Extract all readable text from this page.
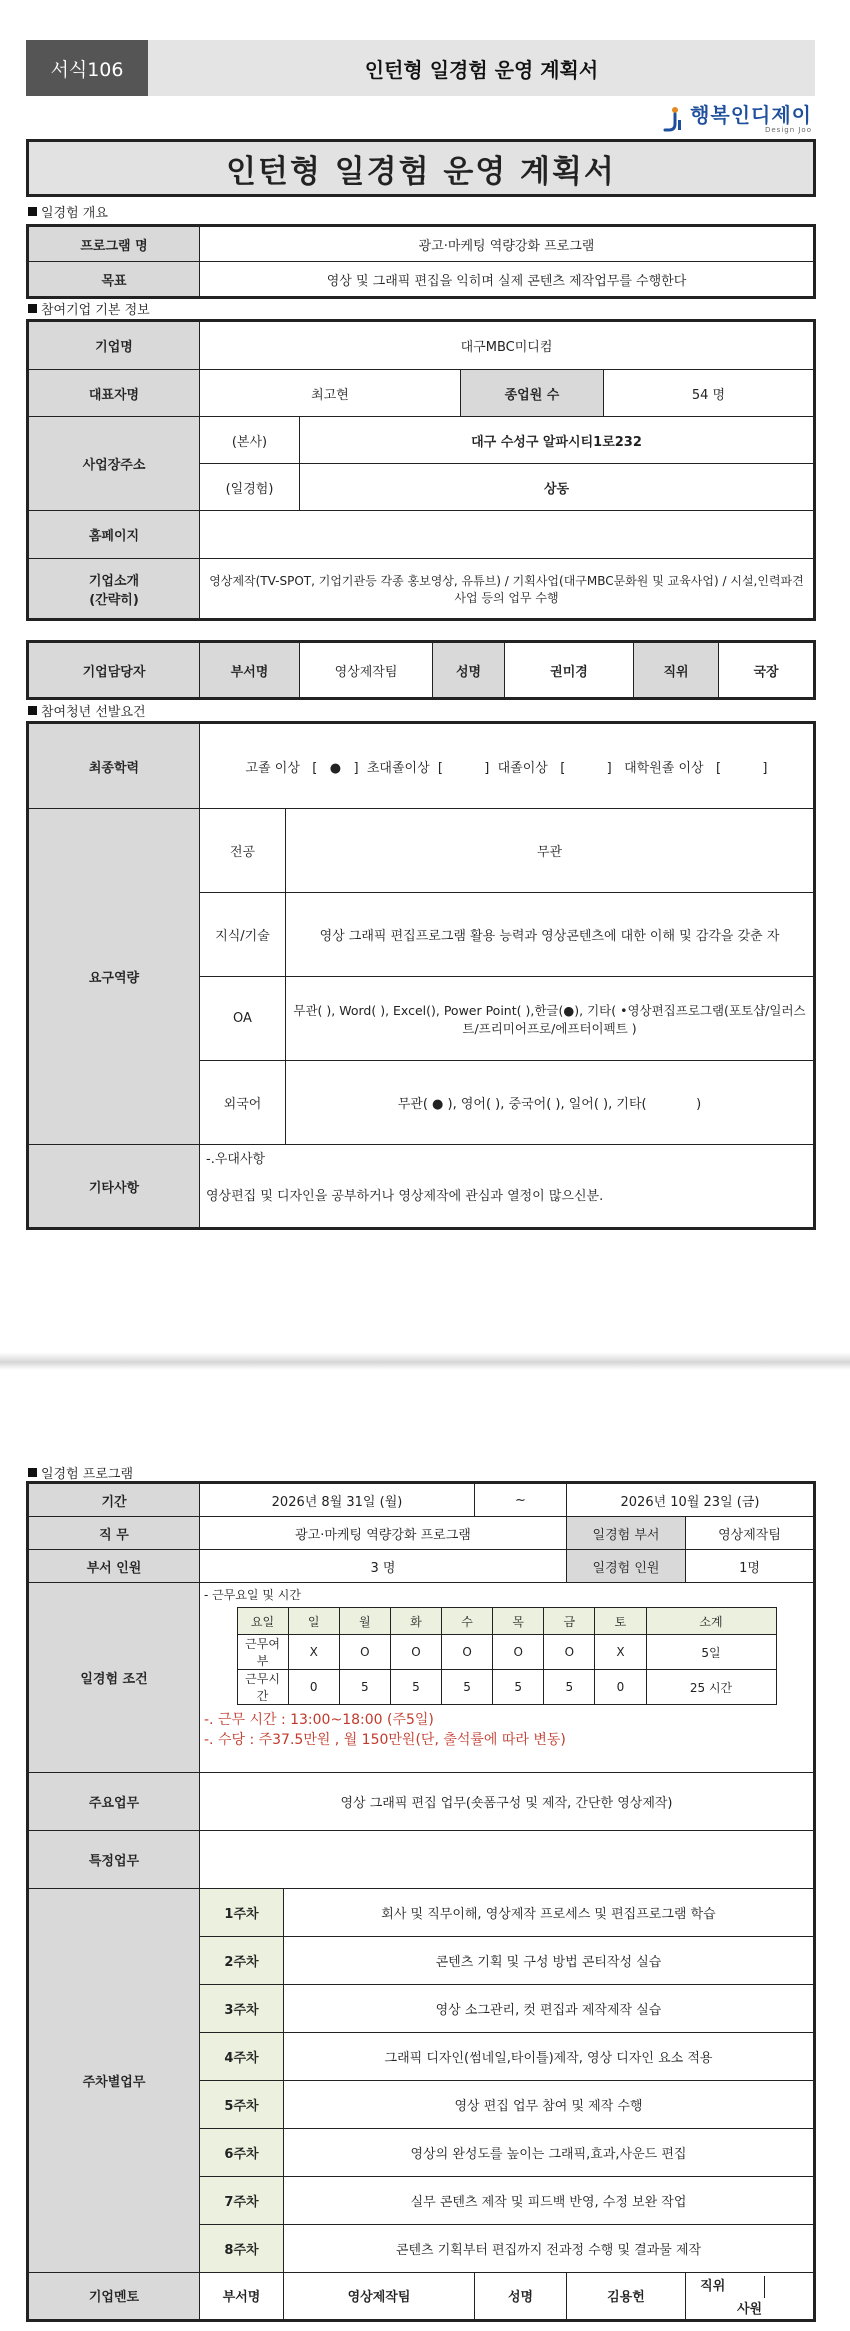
서식106	인턴형 일경험 운영 계획서
행복인디제이
Design Joo
인턴형 일경험 운영 계획서
일경험 개요
프로그램 명	광고·마케팅 역량강화 프로그램
목표	영상 및 그래픽 편집을 익히며 실제 콘텐츠 제작업무를 수행한다
참여기업 기본 정보
기업명	대구MBC미디컴			
대표자명	최고현		종업원 수	54 명
사업장주소	(본사)	대구 수성구 알파시티1로232		
	(일경험)	상동		
홈페이지				
기업소개
(간략히)	영상제작(TV-SPOT, 기업기관등 각종 홍보영상, 유튜브) / 기획사업(대구MBC문화원 및 교육사업) / 시설,인력파견사업 등의 업무 수행			
기업담당자	부서명	영상제작팀	성명	권미경	직위	국장
참여청년 선발요건
최종학력	고졸 이상   [   ●   ]  초대졸이상  [          ]  대졸이상   [          ]   대학원졸 이상   [          ]	
요구역량	전공	무관
	지식/기술	영상 그래픽 편집프로그램 활용 능력과 영상콘텐츠에 대한 이해 및 감각을 갖춘 자
	OA	무관( ), Word( ), Excel(), Power Point( ),한글(●), 기타( •영상편집프로그램(포토샵/일러스트/프리미어프로/에프터이펙트 )
	외국어	무관( ● ), 영어( ), 중국어( ), 일어( ), 기타(            )
기타사항	-.우대사항
영상편집 및 디자인을 공부하거나 영상제작에 관심과 열정이 많으신분.	
일경험 프로그램
기간	2026년 8월 31일 (월)	~	2026년 10월 23일 (금)
직 무	광고·마케팅 역량강화 프로그램	일경험 부서	영상제작팀
부서 인원	3 명	일경험 인원	1명
일경험 조건	
- 근무요일 및 시간
요일	일	월	화	수	목	금	토	소계
근무여부	X	O	O	O	O	O	X	5일
근무시간	0	5	5	5	5	5	0	25 시간
-. 근무 시간 : 13:00~18:00 (주5일)
-. 수당 : 주37.5만원 , 월 150만원(단, 출석률에 따라 변동)

주요업무	영상 그래픽 편집 업무(숏폼구성 및 제작, 간단한 영상제작)
특정업무	
주차별업무	1주차	회사 및 직무이해, 영상제작 프로세스 및 편집프로그램 학습
2주차	콘텐츠 기획 및 구성 방법 콘티작성 실습
3주차	영상 소그관리, 컷 편집과 제작제작 실습
4주차	그래픽 디자인(썸네일,타이틀)제작, 영상 디자인 요소 적용
5주차	영상 편집 업무 참여 및 제작 수행
6주차	영상의 완성도를 높이는 그래픽,효과,사운드 편집
7주차	실무 콘텐츠 제작 및 피드백 반영, 수정 보완 작업
8주차	콘텐츠 기획부터 편집까지 전과정 수행 및 결과물 제작
기업멘토	부서명	영상제작팀	성명	김용헌	직위  사원
